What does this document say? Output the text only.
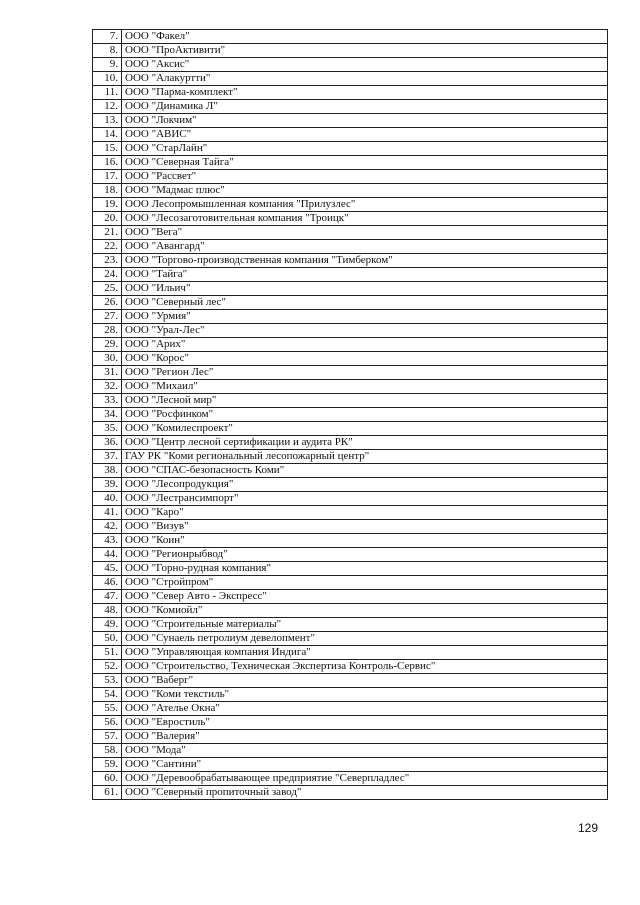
7.	ООО "Факел"
8.	ООО "ПроАктивити"
9.	ООО "Аксис"
10.	ООО "Алакуртти"
11.	ООО "Парма-комплект"
12.	ООО "Динамика Л"
13.	ООО "Локчим"
14.	ООО "АВИС"
15.	ООО "СтарЛайн"
16.	ООО "Северная Тайга"
17.	ООО "Рассвет"
18.	ООО "Мадмас плюс"
19.	ООО Лесопромышленная компания "Прилузлес"
20.	ООО "Лесозаготовительная компания "Троицк"
21.	ООО "Вега"
22.	ООО "Авангард"
23.	ООО "Торгово-производственная компания "Тимберком"
24.	ООО "Тайга"
25.	ООО "Ильич"
26.	ООО "Северный лес"
27.	ООО "Урмия"
28.	ООО "Урал-Лес"
29.	ООО "Арих"
30.	ООО "Корос"
31.	ООО "Регион Лес"
32.	ООО "Михаил"
33.	ООО "Лесной мир"
34.	ООО "Росфинком"
35.	ООО "Комилеспроект"
36.	ООО "Центр лесной сертификации и аудита РК"
37.	ГАУ РК "Коми региональный лесопожарный центр"
38.	ООО "СПАС-безопасность Коми"
39.	ООО "Лесопродукция"
40.	ООО "Лестрансимпорт"
41.	ООО "Каро"
42.	ООО "Визув"
43.	ООО "Коин"
44.	ООО "Регионрыбвод"
45.	ООО "Горно-рудная компания"
46.	ООО "Стройпром"
47.	ООО "Север Авто - Экспресс"
48.	ООО "Комиойл"
49.	ООО "Строительные материалы"
50.	ООО "Сунаель петролиум девелопмент"
51.	ООО "Управляющая компания Индига"
52.	ООО "Строительство, Техническая Экспертиза Контроль-Сервис"
53.	ООО "Ваберг"
54.	ООО "Коми текстиль"
55.	ООО "Ателье Окна"
56.	ООО "Евростиль"
57.	ООО "Валерия"
58.	ООО "Мода"
59.	ООО "Сантини"
60.	ООО "Деревообрабатывающее предприятие "Северпладлес"
61.	ООО "Северный пропиточный завод"
129
